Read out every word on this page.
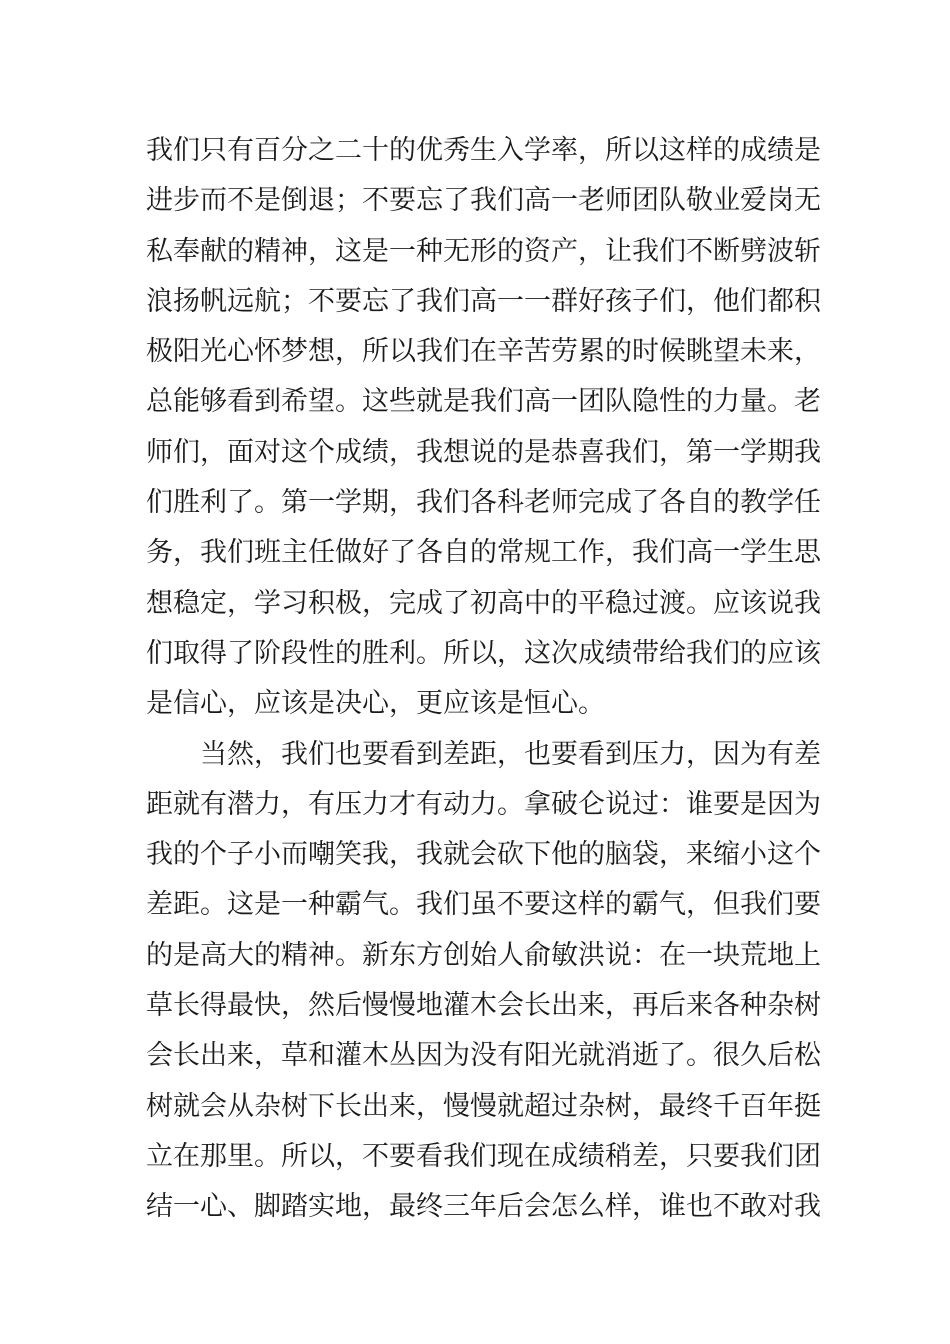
我们只有百分之二十的优秀生入学率，所以这样的成绩是
进步而不是倒退；不要忘了我们高一老师团队敬业爱岗无
私奉献的精神，这是一种无形的资产，让我们不断劈波斩
浪扬帆远航；不要忘了我们高一一群好孩子们，他们都积
极阳光心怀梦想，所以我们在辛苦劳累的时候眺望未来，
总能够看到希望。这些就是我们高一团队隐性的力量。老
师们，面对这个成绩，我想说的是恭喜我们，第一学期我
们胜利了。第一学期，我们各科老师完成了各自的教学任
务，我们班主任做好了各自的常规工作，我们高一学生思
想稳定，学习积极，完成了初高中的平稳过渡。应该说我
们取得了阶段性的胜利。所以，这次成绩带给我们的应该
是信心，应该是决心，更应该是恒心。
当然，我们也要看到差距，也要看到压力，因为有差
距就有潜力，有压力才有动力。拿破仑说过：谁要是因为
我的个子小而嘲笑我，我就会砍下他的脑袋，来缩小这个
差距。这是一种霸气。我们虽不要这样的霸气，但我们要
的是高大的精神。新东方创始人俞敏洪说：在一块荒地上
草长得最快，然后慢慢地灌木会长出来，再后来各种杂树
会长出来，草和灌木丛因为没有阳光就消逝了。很久后松
树就会从杂树下长出来，慢慢就超过杂树，最终千百年挺
立在那里。所以，不要看我们现在成绩稍差，只要我们团
结一心、脚踏实地，最终三年后会怎么样，谁也不敢对我
